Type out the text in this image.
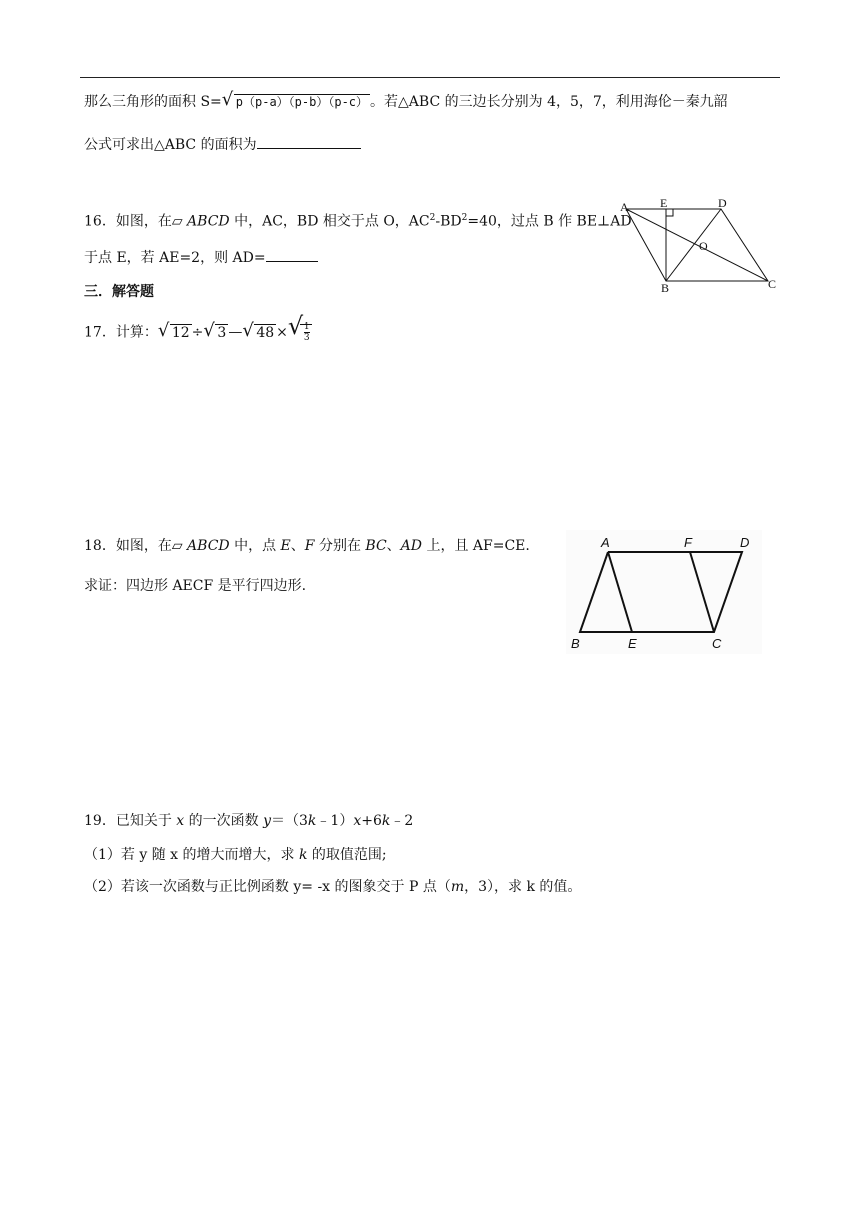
那么三角形的面积 S= √ p（p-a）（p-b）（p-c） 。若△ABC 的三边长分别为 4，5，7，利用海伦－秦九韶
公式可求出△ABC 的面积为
16．如图，在▱ ABCD 中，AC，BD 相交于点 O，$AC^2-BD^2=40$，过点 B 作 BE⊥AD
于点 E，若 AE=2，则 AD=
A	E	D
O
B	C
三．解答题
17．计算： √ 12 ÷ √ 3 — √ 48 × √ $\frac{1}{3}$
18．如图，在▱ ABCD 中，点 E、F 分别在 BC、AD 上，且 AF=CE.
求证：四边形 AECF 是平行四边形.
A	F	D
B	E	C
19．已知关于 x 的一次函数 y＝（3k﹣1）x+6k﹣2
（1）若 y 随 x 的增大而增大，求 k 的取值范围;
（2）若该一次函数与正比例函数 y= -x 的图象交于 P 点（m，3），求 k 的值。
